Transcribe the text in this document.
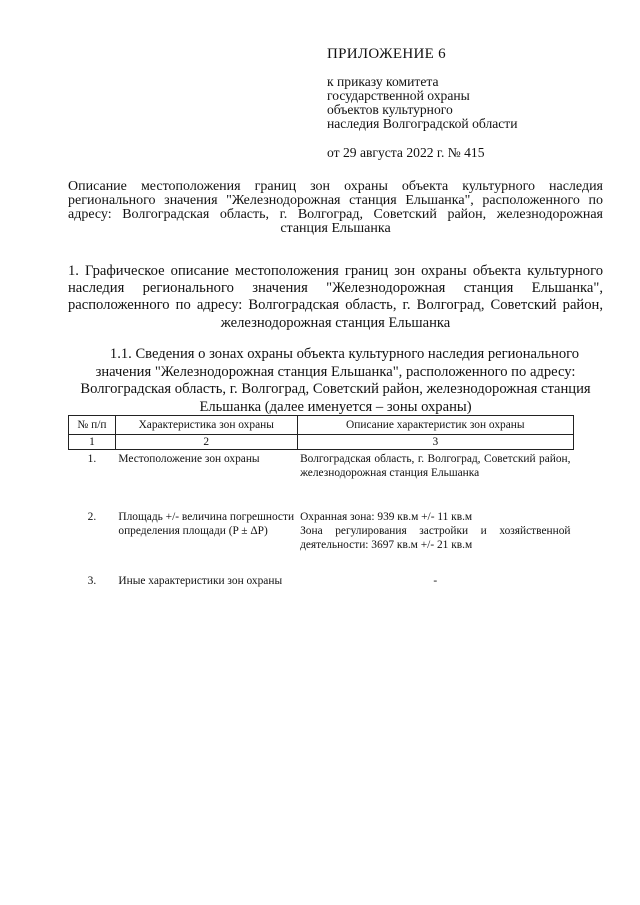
ПРИЛОЖЕНИЕ 6
к приказу комитета
государственной охраны
объектов культурного
наследия Волгоградской области
от 29 августа 2022 г. № 415
Описание местоположения границ зон охраны объекта культурного наследия регионального значения "Железнодорожная станция Ельшанка", расположенного по адресу: Волгоградская область, г. Волгоград, Советский район, железнодорожная станция Ельшанка
1. Графическое описание местоположения границ зон охраны объекта культурного наследия регионального значения "Железнодорожная станция Ельшанка", расположенного по адресу: Волгоградская область, г. Волгоград, Советский район, железнодорожная станция Ельшанка
1.1. Сведения о зонах охраны объекта культурного наследия регионального
значения "Железнодорожная станция Ельшанка", расположенного по адресу: Волгоградская область, г. Волгоград, Советский район, железнодорожная станция Ельшанка (далее именуется – зоны охраны)
№ п/п	Характеристика зон охраны	Описание характеристик зон охраны
1	2	3
1.	Местоположение зон охраны	Волгоградская область, г. Волгоград, Советский район, железнодорожная станция Ельшанка
2.	Площадь +/- величина погрешности определения площади (P ± ΔP)	Охранная зона: 939 кв.м +/- 11 кв.м
Зона регулирования застройки и хозяйственной деятельности: 3697 кв.м +/- 21 кв.м

3.	Иные характеристики зон охраны	-
